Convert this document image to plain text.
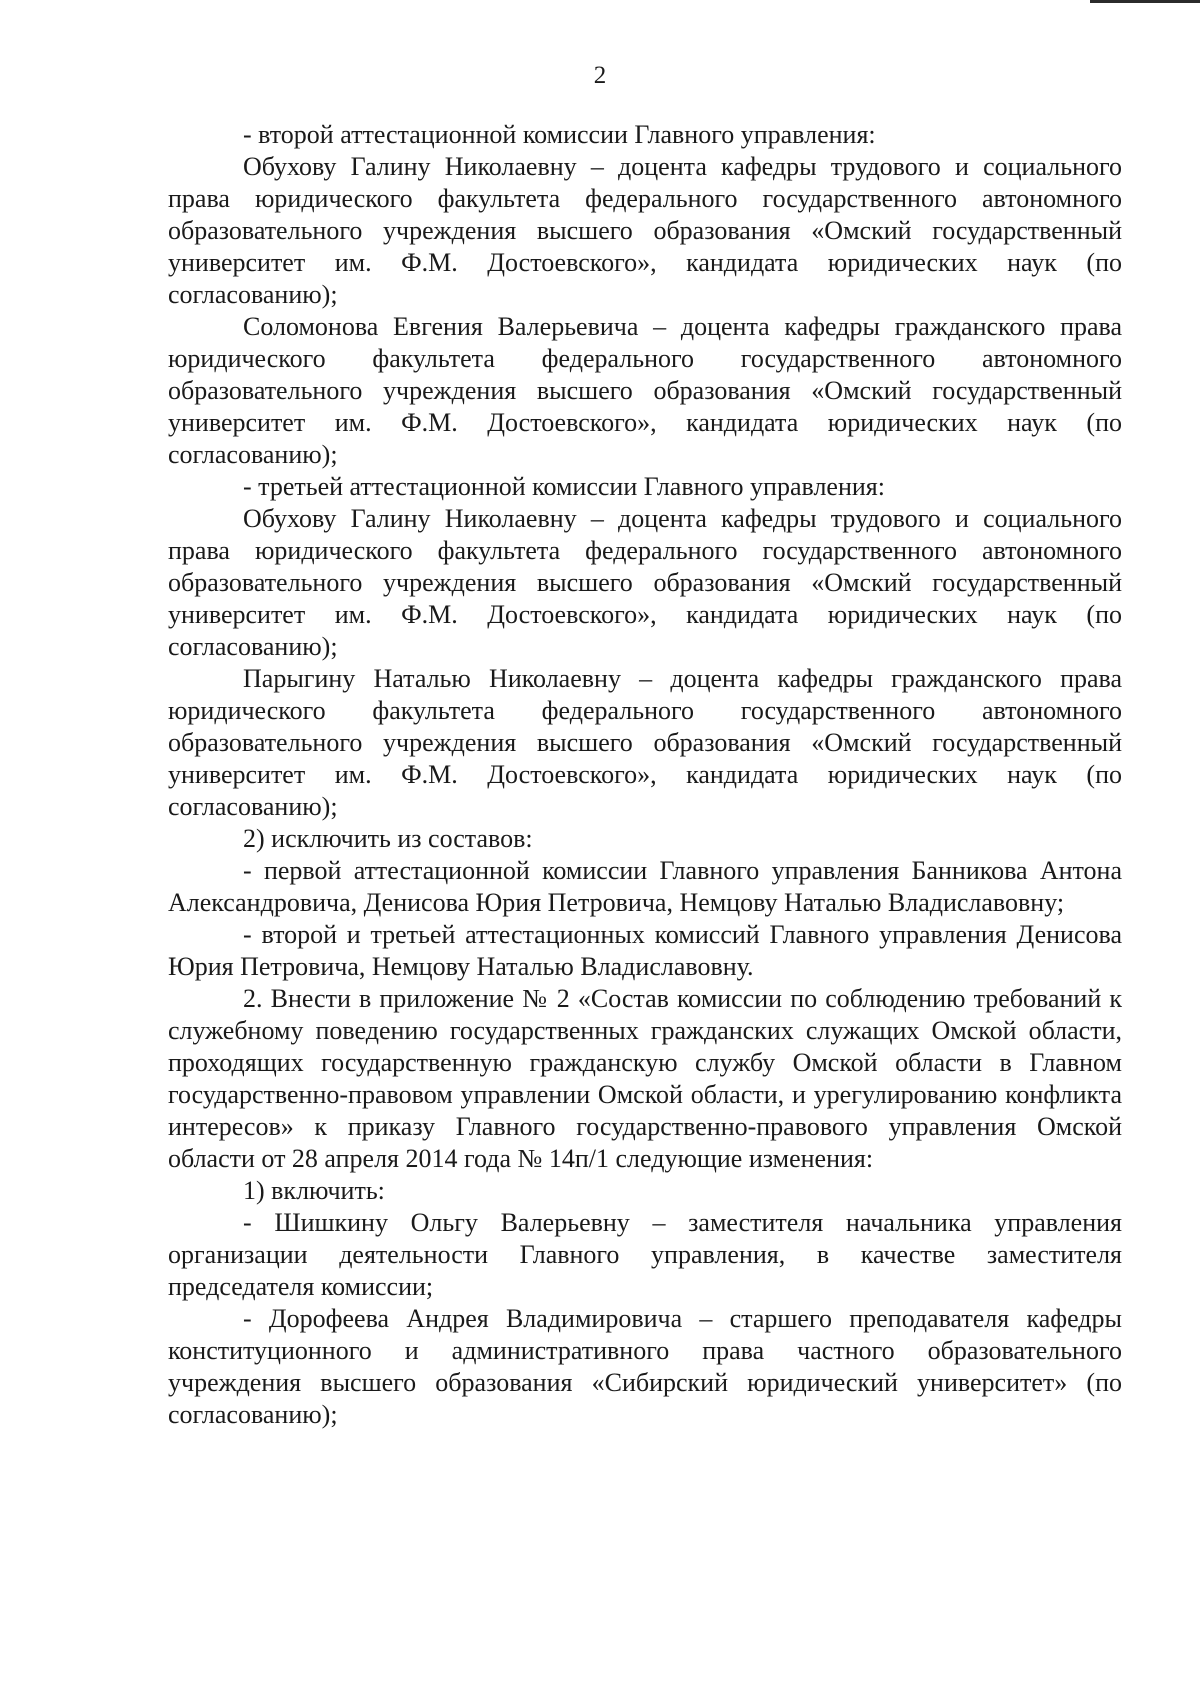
2

- второй аттестационной комиссии Главного управления:

Обухову Галину Николаевну – доцента кафедры трудового и социального права юридического факультета федерального государственного автономного образовательного учреждения высшего образования «Омский государственный университет им. Ф.М. Достоевского», кандидата юридических наук (по согласованию);

Соломонова Евгения Валерьевича – доцента кафедры гражданского права юридического факультета федерального государственного автономного образовательного учреждения высшего образования «Омский государственный университет им. Ф.М. Достоевского», кандидата юридических наук (по согласованию);

- третьей аттестационной комиссии Главного управления:

Обухову Галину Николаевну – доцента кафедры трудового и социального права юридического факультета федерального государственного автономного образовательного учреждения высшего образования «Омский государственный университет им. Ф.М. Достоевского», кандидата юридических наук (по согласованию);

Парыгину Наталью Николаевну – доцента кафедры гражданского права юридического факультета федерального государственного автономного образовательного учреждения высшего образования «Омский государственный университет им. Ф.М. Достоевского», кандидата юридических наук (по согласованию);

2) исключить из составов:

- первой аттестационной комиссии Главного управления Банникова Антона Александровича, Денисова Юрия Петровича, Немцову Наталью Владиславовну;

- второй и третьей аттестационных комиссий Главного управления Денисова Юрия Петровича, Немцову Наталью Владиславовну.

2. Внести в приложение № 2 «Состав комиссии по соблюдению требований к служебному поведению государственных гражданских служащих Омской области, проходящих государственную гражданскую службу Омской области в Главном государственно-правовом управлении Омской области, и урегулированию конфликта интересов» к приказу Главного государственно-правового управления Омской области от 28 апреля 2014 года № 14п/1 следующие изменения:

1) включить:

- Шишкину Ольгу Валерьевну – заместителя начальника управления организации деятельности Главного управления, в качестве заместителя председателя комиссии;

- Дорофеева Андрея Владимировича – старшего преподавателя кафедры конституционного и административного права частного образовательного учреждения высшего образования «Сибирский юридический университет» (по согласованию);
